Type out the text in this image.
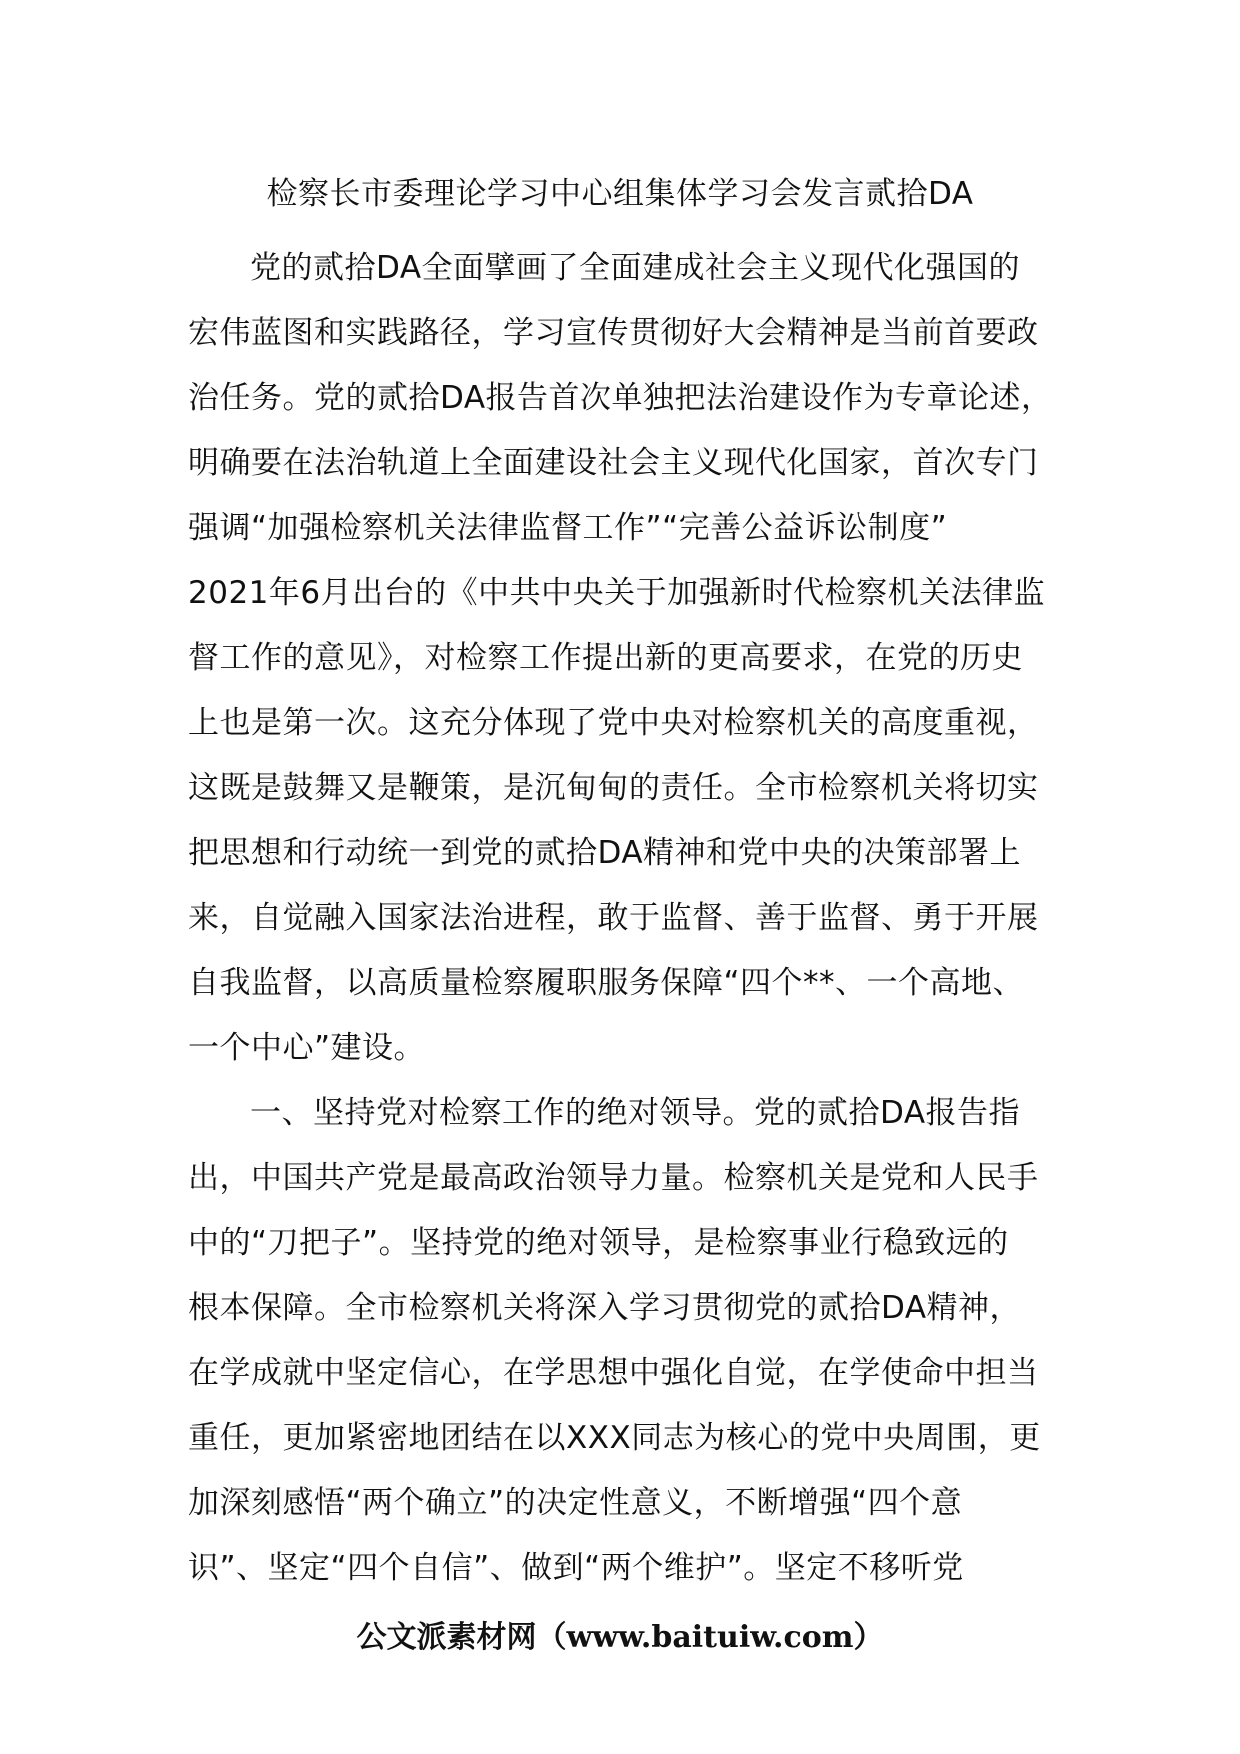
检察长市委理论学习中心组集体学习会发言贰拾DA
党的贰拾DA全面擘画了全面建成社会主义现代化强国的
宏伟蓝图和实践路径，学习宣传贯彻好大会精神是当前首要政
治任务。党的贰拾DA报告首次单独把法治建设作为专章论述，
明确要在法治轨道上全面建设社会主义现代化国家，首次专门
强调“加强检察机关法律监督工作”“完善公益诉讼制度”
2021年6月出台的《中共中央关于加强新时代检察机关法律监
督工作的意见》，对检察工作提出新的更高要求，在党的历史
上也是第一次。这充分体现了党中央对检察机关的高度重视，
这既是鼓舞又是鞭策，是沉甸甸的责任。全市检察机关将切实
把思想和行动统一到党的贰拾DA精神和党中央的决策部署上
来，自觉融入国家法治进程，敢于监督、善于监督、勇于开展
自我监督，以高质量检察履职服务保障“四个**、一个高地、
一个中心”建设。
一、坚持党对检察工作的绝对领导。党的贰拾DA报告指
出，中国共产党是最高政治领导力量。检察机关是党和人民手
中的“刀把子”。坚持党的绝对领导，是检察事业行稳致远的
根本保障。全市检察机关将深入学习贯彻党的贰拾DA精神，
在学成就中坚定信心，在学思想中强化自觉，在学使命中担当
重任，更加紧密地团结在以XXX同志为核心的党中央周围，更
加深刻感悟“两个确立”的决定性意义，不断增强“四个意
识”、坚定“四个自信”、做到“两个维护”。坚定不移听党
公文派素材网（www.baituiw.com）
